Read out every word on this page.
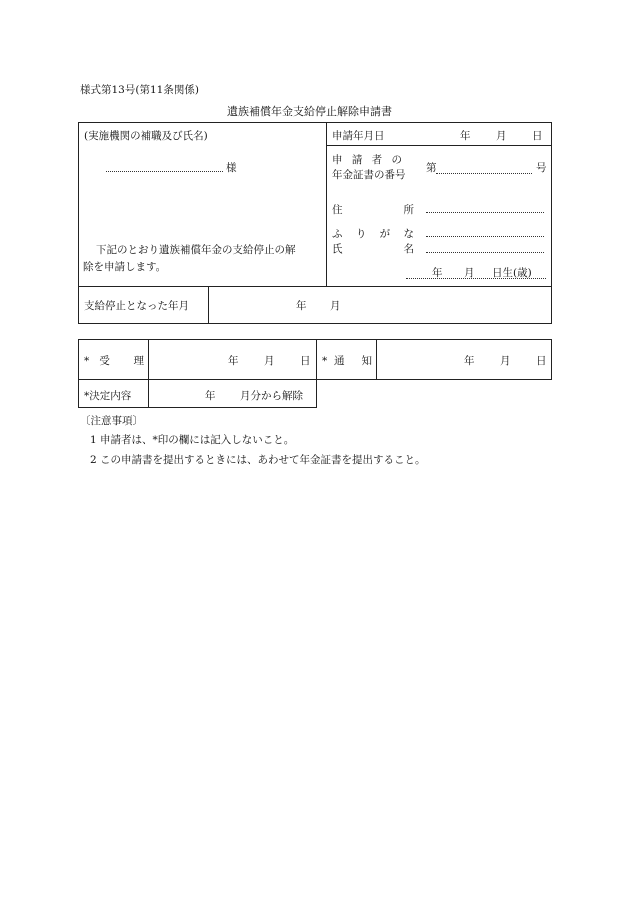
様式第13号(第11条関係)
遺族補償年金支給停止解除申請書
(実施機関の補職及び氏名)
様
下記のとおり遺族補償年金の支給停止の解
除を申請します。
申請年月日	年 月 日
申 請 者 の
年金証書の番号
第	号
住 所
ふ り が な
氏 名
年 月 日生(歳)
支給停止となった年月	年 月
*受 理	年 月 日 *通 知	年 月 日
*決定内容	年 月分から解除
〔注意事項〕
1 申請者は、*印の欄には記入しないこと。
2 この申請書を提出するときには、あわせて年金証書を提出すること。
